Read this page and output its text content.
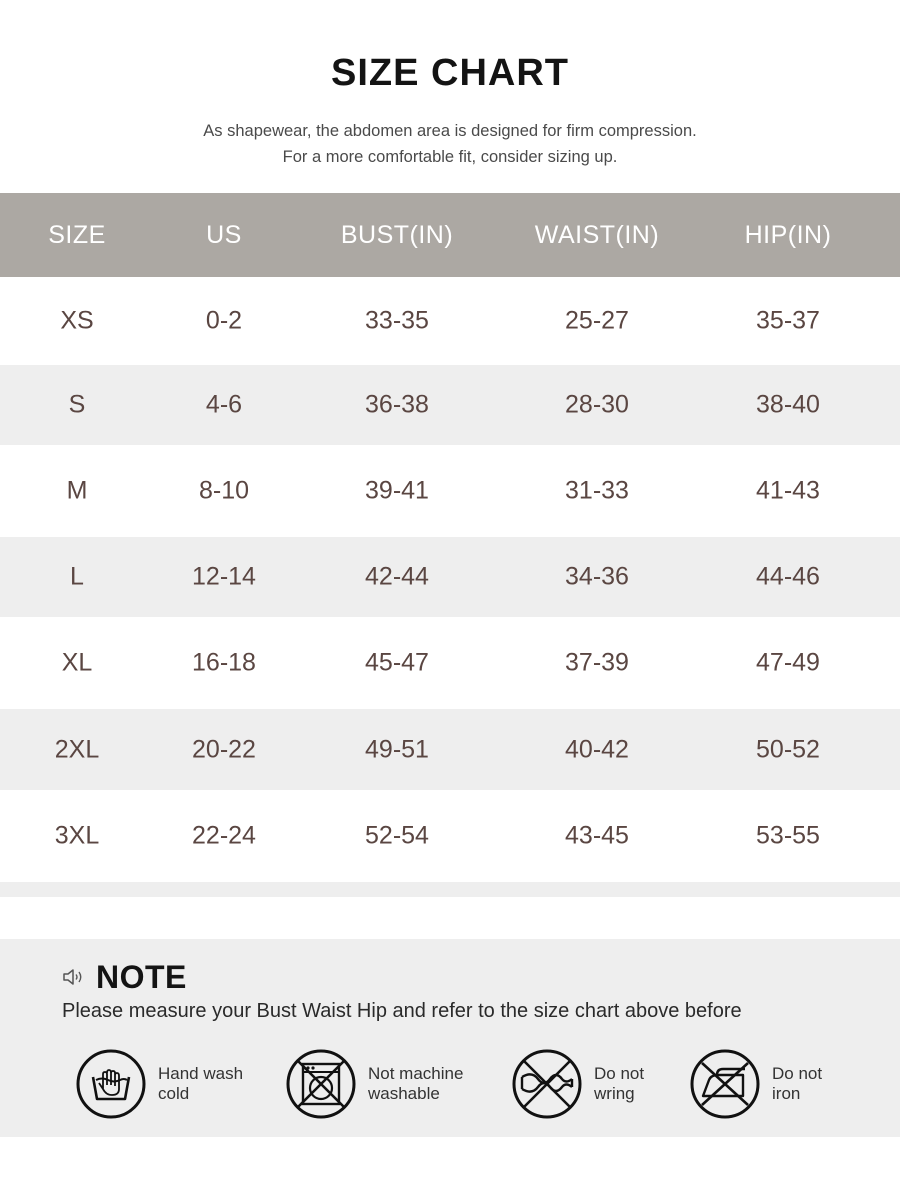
SIZE CHART
As shapewear, the abdomen area is designed for firm compression.
For a more comfortable fit, consider sizing up.
SIZE	US	BUST(IN)	WAIST(IN)	HIP(IN)
XS	0-2	33-35	25-27	35-37
S	4-6	36-38	28-30	38-40
M	8-10	39-41	31-33	41-43
L	12-14	42-44	34-36	44-46
XL	16-18	45-47	37-39	47-49
2XL	20-22	49-51	40-42	50-52
3XL	22-24	52-54	43-45	53-55
NOTE
Please measure your Bust Waist Hip and refer to the size chart above before
Hand wash
cold
Not machine
washable
Do not
wring
Do not
iron
